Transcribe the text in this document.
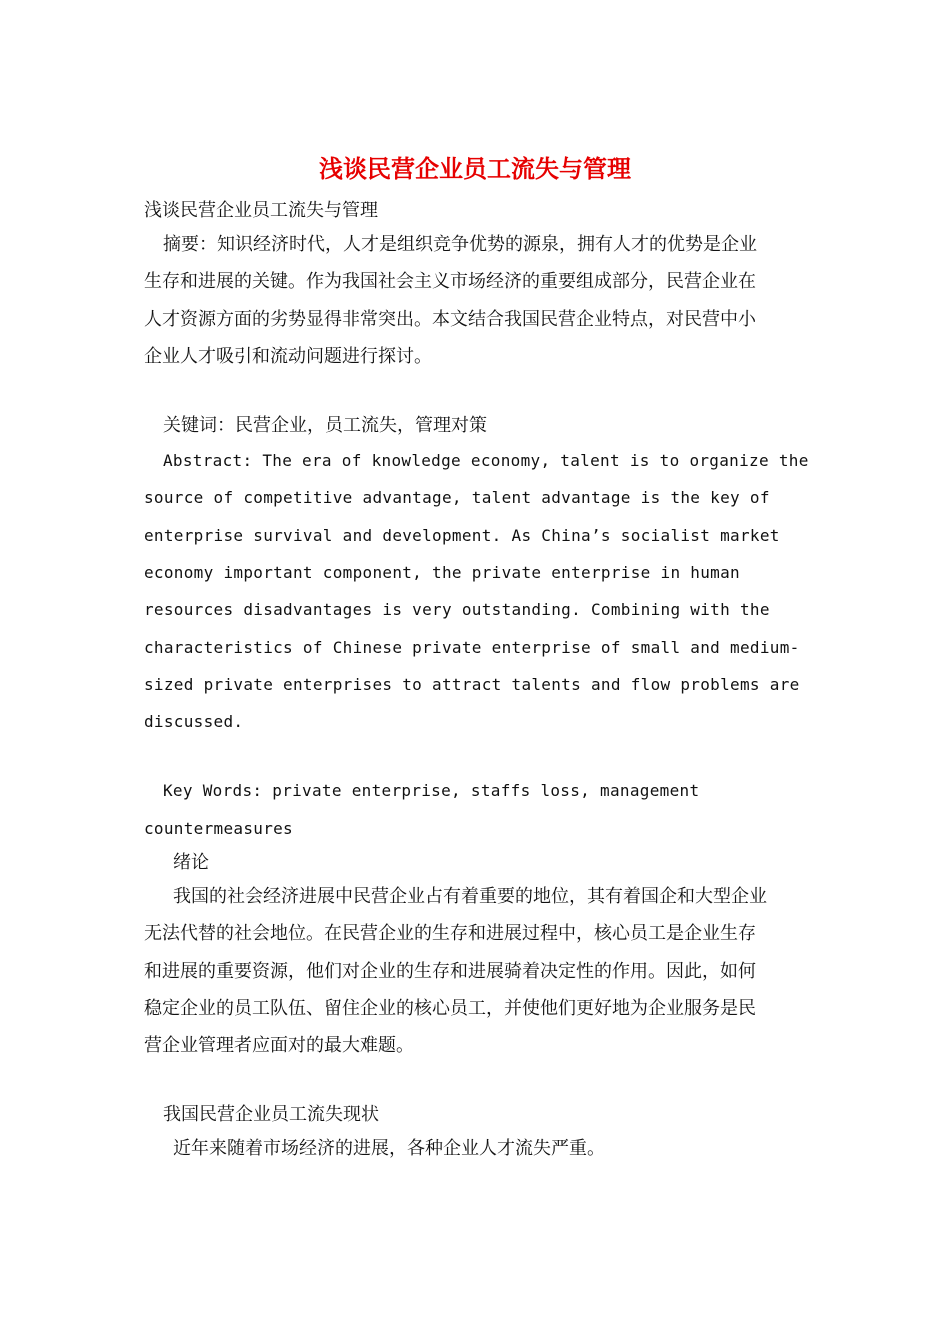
浅谈民营企业员工流失与管理
浅谈民营企业员工流失与管理
摘要：知识经济时代，人才是组织竞争优势的源泉，拥有人才的优势是企业
生存和进展的关键。作为我国社会主义市场经济的重要组成部分，民营企业在
人才资源方面的劣势显得非常突出。本文结合我国民营企业特点，对民营中小
企业人才吸引和流动问题进行探讨。
关键词：民营企业，员工流失，管理对策
Abstract: The era of knowledge economy, talent is to organize the
source of competitive advantage, talent advantage is the key of
enterprise survival and development. As China’s socialist market
economy important component, the private enterprise in human
resources disadvantages is very outstanding. Combining with the
characteristics of Chinese private enterprise of small and medium-
sized private enterprises to attract talents and flow problems are
discussed.
Key Words: private enterprise, staffs loss, management
countermeasures
绪论
我国的社会经济进展中民营企业占有着重要的地位，其有着国企和大型企业
无法代替的社会地位。在民营企业的生存和进展过程中，核心员工是企业生存
和进展的重要资源，他们对企业的生存和进展骑着决定性的作用。因此，如何
稳定企业的员工队伍、留住企业的核心员工，并使他们更好地为企业服务是民
营企业管理者应面对的最大难题。
我国民营企业员工流失现状
近年来随着市场经济的进展，各种企业人才流失严重。
